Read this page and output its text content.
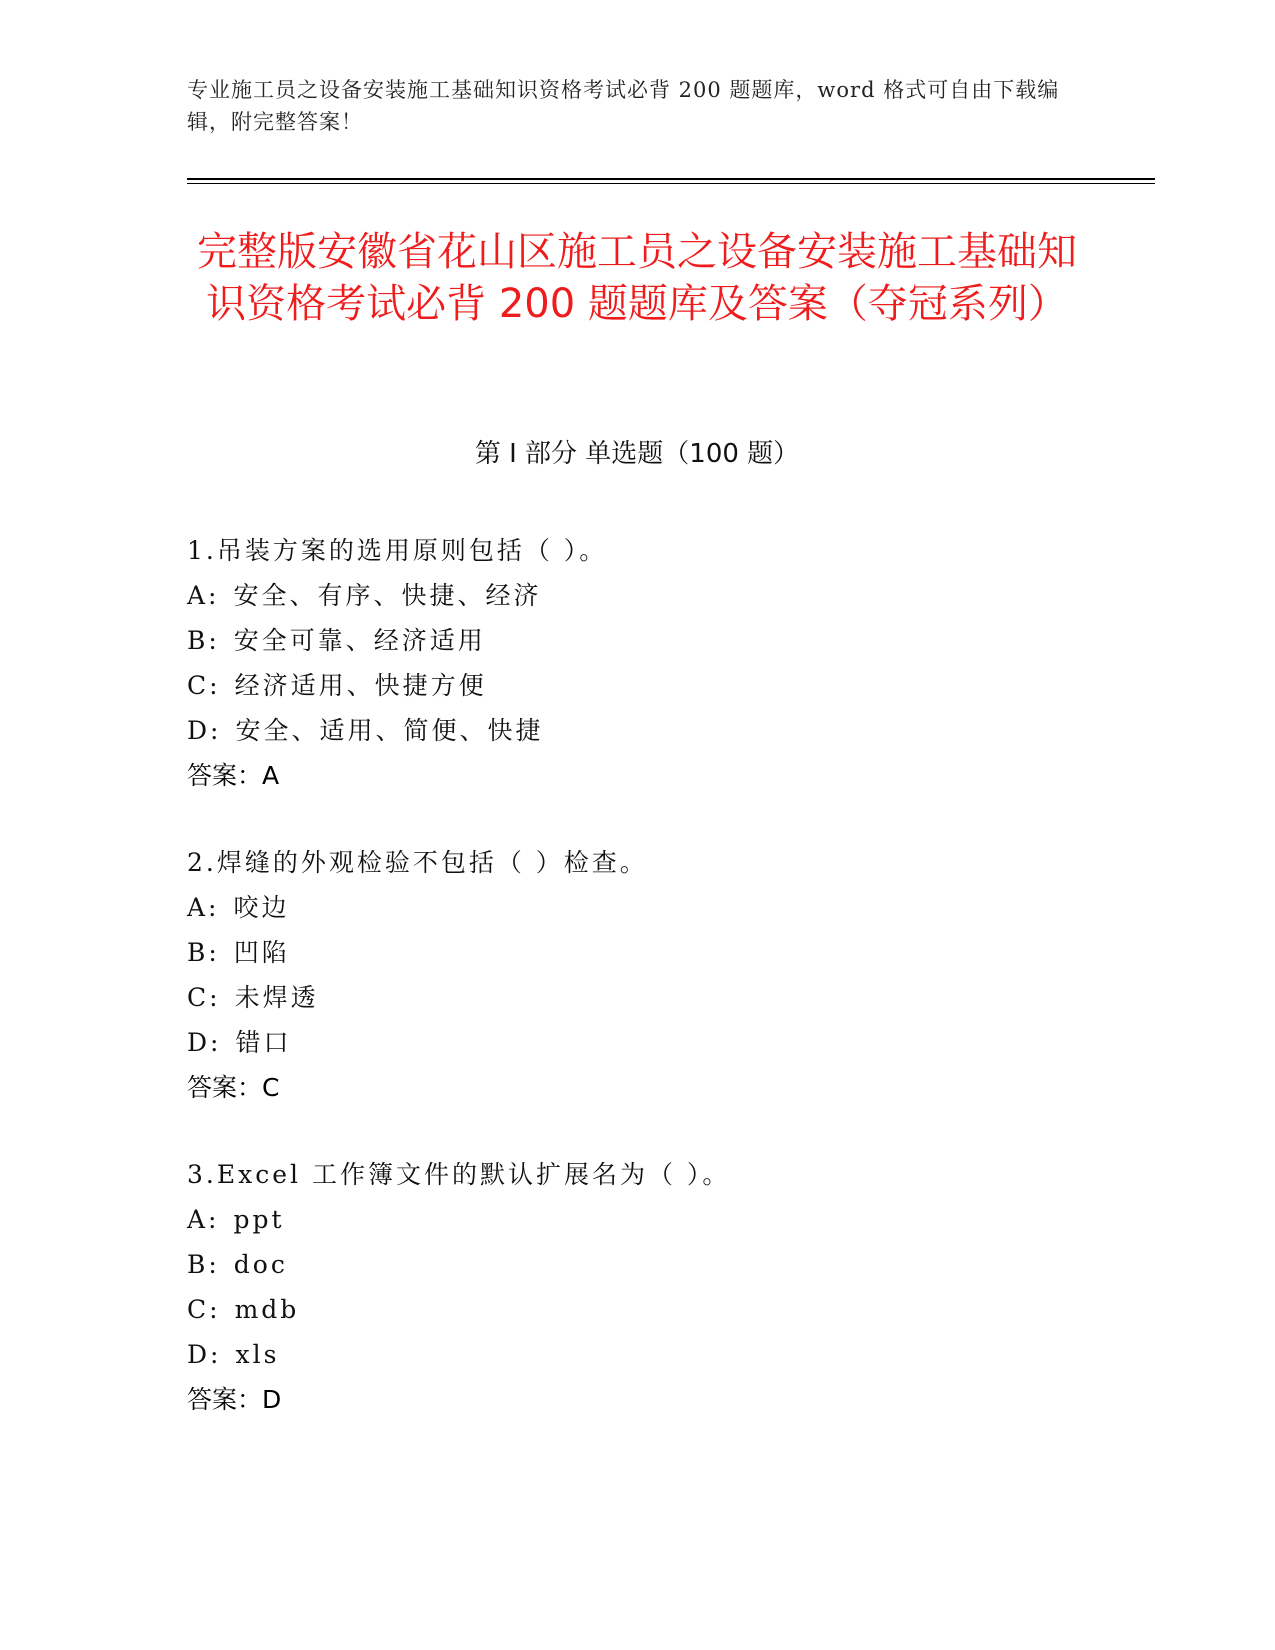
专业施工员之设备安装施工基础知识资格考试必背 200 题题库，word 格式可自由下载编辑，附完整答案！
完整版安徽省花山区施工员之设备安装施工基础知识资格考试必背 200 题题库及答案（夺冠系列）
第 I 部分 单选题（100 题）
1.吊装方案的选用原则包括（ ）。
A: 安全、有序、快捷、经济
B: 安全可靠、经济适用
C: 经济适用、快捷方便
D: 安全、适用、简便、快捷
答案：A
2.焊缝的外观检验不包括（ ）检查。
A: 咬边
B: 凹陷
C: 未焊透
D: 错口
答案：C
3.Excel 工作簿文件的默认扩展名为（ ）。
A: ppt
B: doc
C: mdb
D: xls
答案：D
